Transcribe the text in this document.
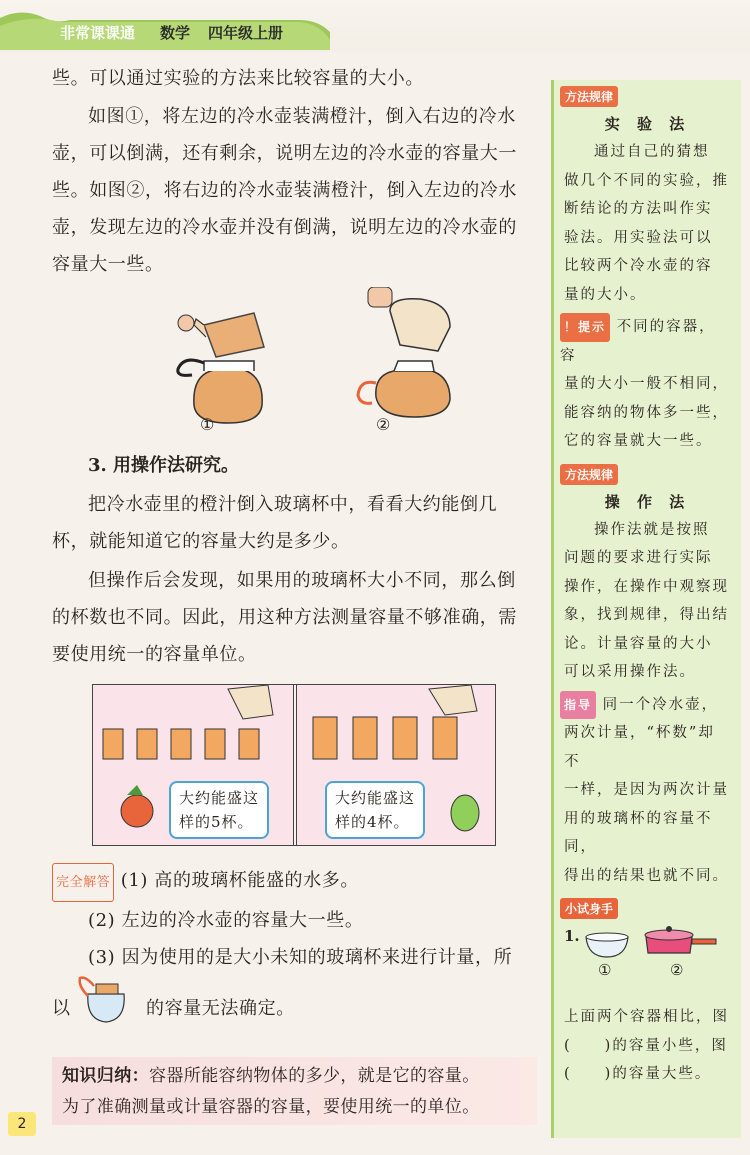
非常课课通 数学 四年级上册
些。可以通过实验的方法来比较容量的大小。
如图①，将左边的冷水壶装满橙汁，倒入右边的冷水
壶，可以倒满，还有剩余，说明左边的冷水壶的容量大一
些。如图②，将右边的冷水壶装满橙汁，倒入左边的冷水
壶，发现左边的冷水壶并没有倒满，说明左边的冷水壶的
容量大一些。
①	②
3. 用操作法研究。
把冷水壶里的橙汁倒入玻璃杯中，看看大约能倒几
杯，就能知道它的容量大约是多少。
但操作后会发现，如果用的玻璃杯大小不同，那么倒
的杯数也不同。因此，用这种方法测量容量不够准确，需
要使用统一的容量单位。
大约能盛这
样的5杯。
大约能盛这
样的4杯。
完全解答 (1) 高的玻璃杯能盛的水多。
(2) 左边的冷水壶的容量大一些。
(3) 因为使用的是大小未知的玻璃杯来进行计量，所
以	的容量无法确定。
知识归纳：容器所能容纳物体的多少，就是它的容量。
为了准确测量或计量容器的容量，要使用统一的单位。
2
方法规律
实 验 法
通过自己的猜想
做几个不同的实验，推
断结论的方法叫作实
验法。用实验法可以
比较两个冷水壶的容
量的大小。
！提示 不同的容器，容
量的大小一般不相同，
能容纳的物体多一些，
它的容量就大一些。
方法规律
操 作 法
操作法就是按照
问题的要求进行实际
操作，在操作中观察现
象，找到规律，得出结
论。计量容量的大小
可以采用操作法。
指导 同一个冷水壶，
两次计量，“杯数”却不
一样，是因为两次计量
用的玻璃杯的容量不同，
得出的结果也就不同。
小试身手
1.
①	②
上面两个容器相比，图
(　　)的容量小些，图
(　　)的容量大些。
